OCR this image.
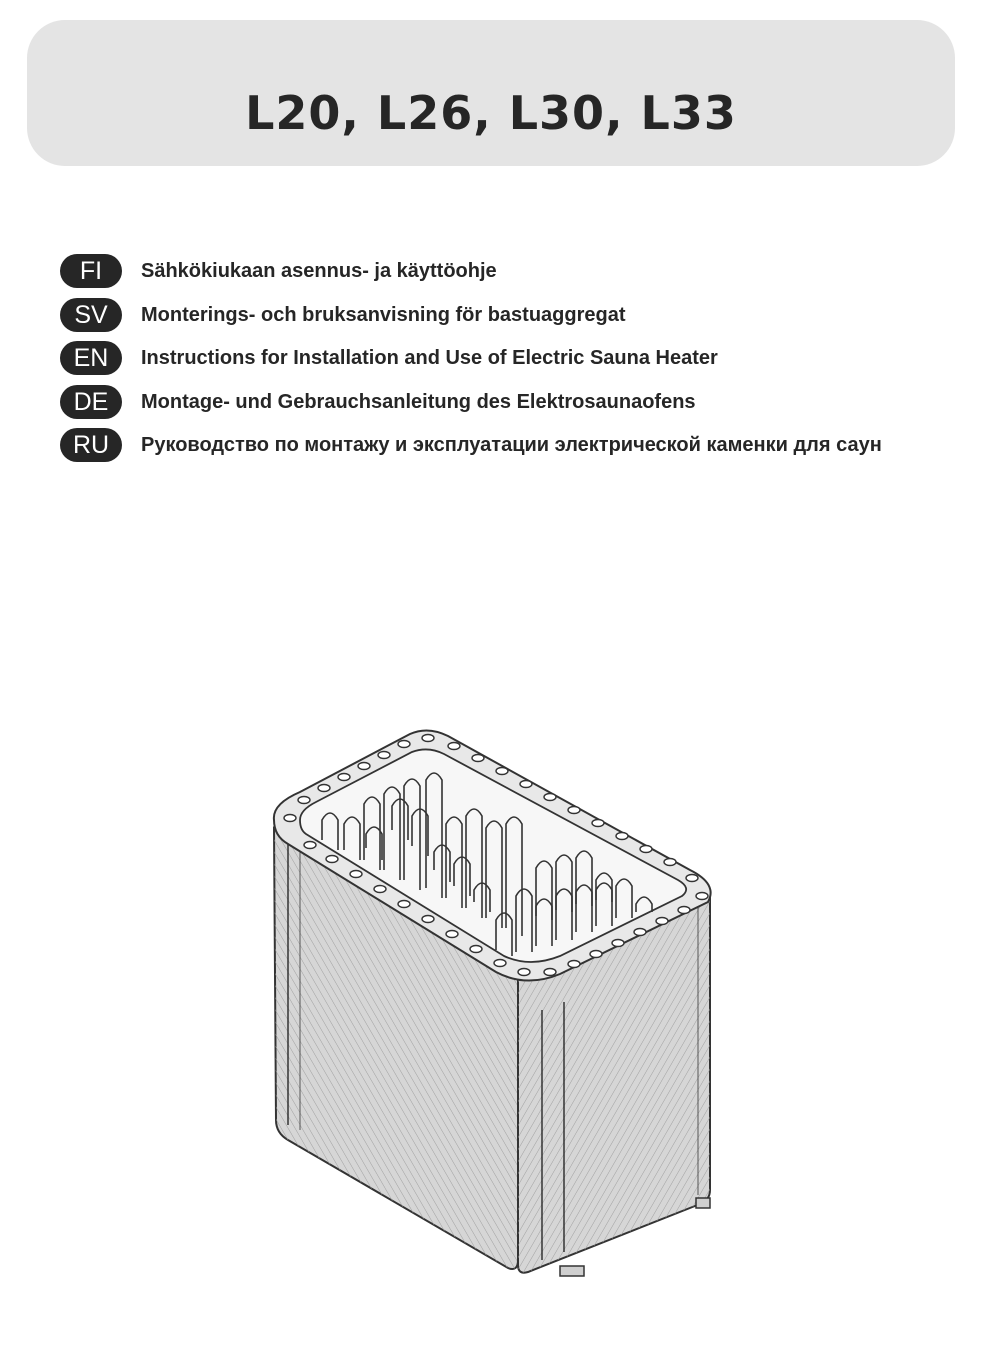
L20, L26, L30, L33
FI	Sähkökiukaan asennus- ja käyttöohje
SV	Monterings- och bruksanvisning för bastuaggregat
EN	Instructions for Installation and Use of Electric Sauna Heater
DE	Montage- und Gebrauchsanleitung des Elektrosaunaofens
RU	Руководство по монтажу и эксплуатации электрической каменки для саун
